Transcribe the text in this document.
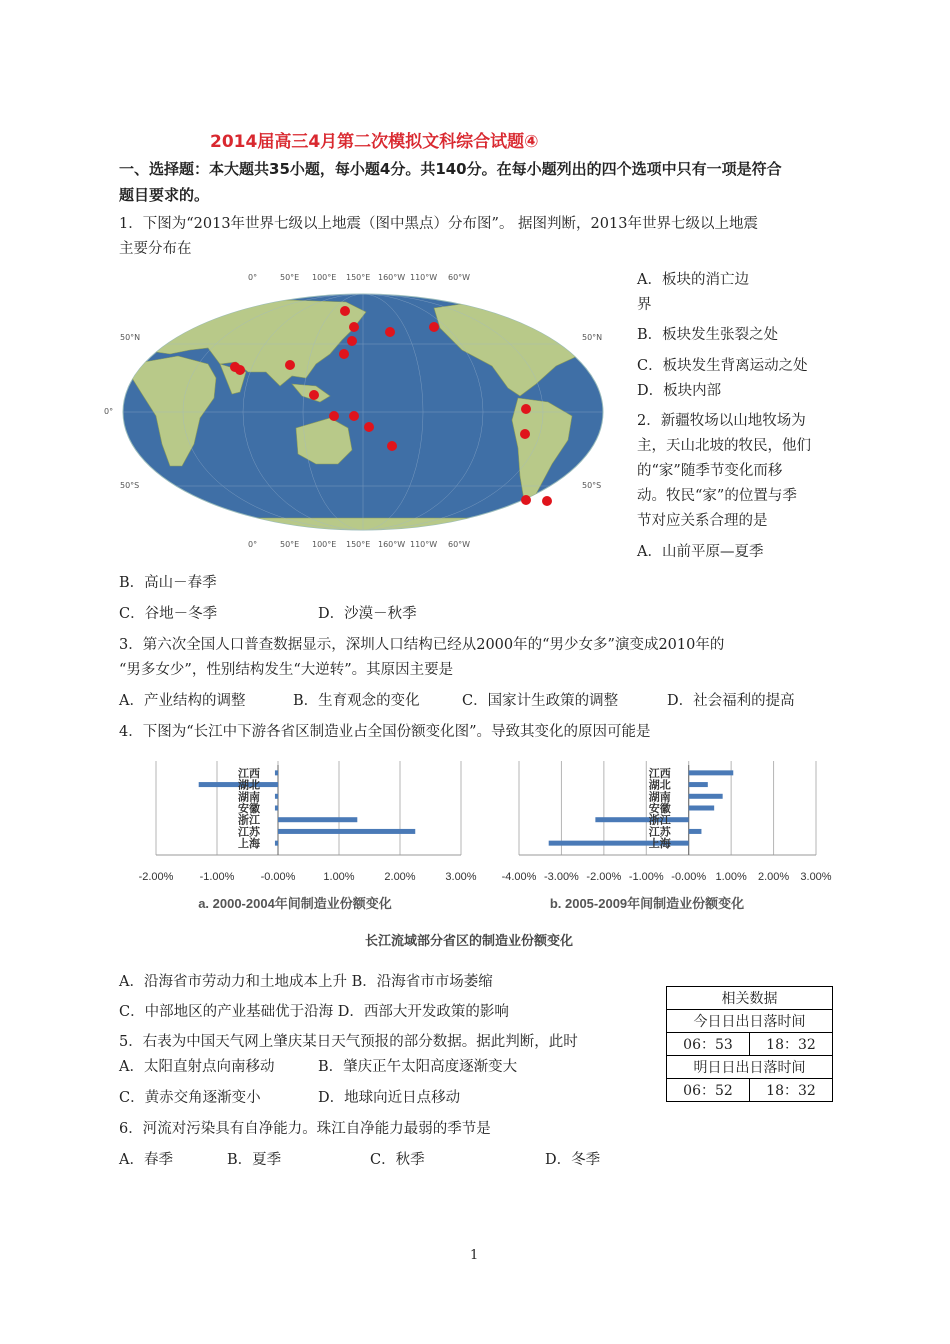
2014届高三4月第二次模拟文科综合试题④
一、选择题：本大题共35小题，每小题4分。共140分。在每小题列出的四个选项中只有一项是符合
题目要求的。
1．下图为“2013年世界七级以上地震（图中黑点）分布图”。 据图判断，2013年世界七级以上地震
主要分布在
0°	50°E 100°E 150°E 160°W 110°W 60°W
0°	50°E 100°E 150°E 160°W 110°W 60°W
50°N
0°
50°S
50°N
50°S
A．板块的消亡边
界
B．板块发生张裂之处
C．板块发生背离运动之处
D．板块内部
2．新疆牧场以山地牧场为
主，天山北坡的牧民，他们
的“家”随季节变化而移
动。牧民“家”的位置与季
节对应关系合理的是
A．山前平原—夏季
B．高山－春季
C．谷地－冬季	D．沙漠－秋季
3．第六次全国人口普查数据显示，深圳人口结构已经从2000年的“男少女多”演变成2010年的
“男多女少”，性别结构发生“大逆转”。其原因主要是
A．产业结构的调整	B．生育观念的变化	C．国家计生政策的调整	D．社会福利的提高
4．下图为“长江中下游各省区制造业占全国份额变化图”。导致其变化的原因可能是
-2.00% -1.00% -0.00%	1.00%	2.00%	3.00%
江西
湖北
湖南
安徽
浙江
江苏
上海
-4.00% -3.00% -2.00% -1.00% -0.00% 1.00% 2.00% 3.00%
江西
湖北
湖南
安徽
浙江
江苏
上海
a. 2000-2004年间制造业份额变化	b. 2005-2009年间制造业份额变化
长江流域部分省区的制造业份额变化
A．沿海省市劳动力和土地成本上升 B．沿海省市市场萎缩
C．中部地区的产业基础优于沿海 D．西部大开发政策的影响
相关数据	
今日日出日落时间	
06：53	18：32
明日日出日落时间	
06：52	18：32
5．右表为中国天气网上肇庆某日天气预报的部分数据。据此判断，此时
A．太阳直射点向南移动	B．肇庆正午太阳高度逐渐变大
C．黄赤交角逐渐变小	D．地球向近日点移动
6．河流对污染具有自净能力。珠江自净能力最弱的季节是
A．春季	B．夏季	C．秋季	D．冬季
1
